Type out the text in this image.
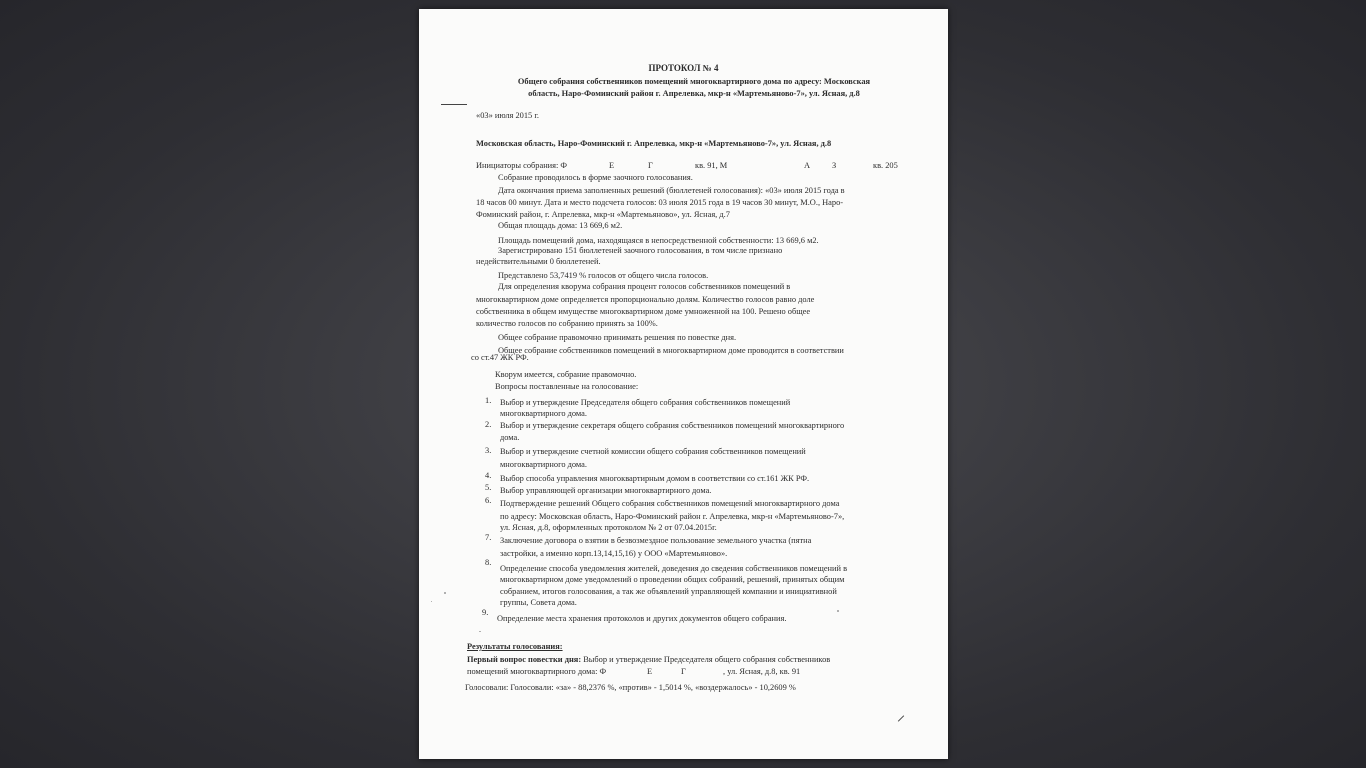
ПРОТОКОЛ № 4
Общего собрания собственников помещений многоквартирного дома по адресу: Московская
область, Наро-Фоминский район г. Апрелевка, мкр-н «Мартемьяново-7», ул. Ясная, д.8
«03» июля 2015 г.
Московская область, Наро-Фоминский г. Апрелевка, мкр-н «Мартемьяново-7», ул. Ясная, д.8
Инициаторы собрания: Ф	Е	Г	кв. 91, М	А	З	кв. 205
Собрание проводилось в форме заочного голосования.
Дата окончания приема заполненных решений (бюллетеней голосования): «03» июля 2015 года в
18 часов 00 минут. Дата и место подсчета голосов: 03 июля 2015 года в 19 часов 30 минут, М.О., Наро-
Фоминский район, г. Апрелевка, мкр-н «Мартемьяново», ул. Ясная, д.7
Общая площадь дома: 13 669,6 м2.
Площадь помещений дома, находящаяся в непосредственной собственности: 13 669,6 м2.
Зарегистрировано 151 бюллетеней заочного голосования, в том числе признано
недействительными 0 бюллетеней.
Представлено 53,7419 % голосов от общего числа голосов.
Для определения кворума собрания процент голосов собственников помещений в
многоквартирном доме определяется пропорционально долям. Количество голосов равно доле
собственника в общем имуществе многоквартирном доме умноженной на 100. Решено общее
количество голосов по собранию принять за 100%.
Общее собрание правомочно принимать решения по повестке дня.
Общее собрание собственников помещений в многоквартирном доме проводится в соответствии
со ст.47 ЖК РФ.
Кворум имеется, собрание правомочно.
Вопросы поставленные на голосование:
1. Выбор и утверждение Председателя общего собрания собственников помещений
многоквартирного дома.
2. Выбор и утверждение секретаря общего собрания собственников помещений многоквартирного
дома.
3. Выбор и утверждение счетной комиссии общего собрания собственников помещений
многоквартирного дома.
4. Выбор способа управления многоквартирным домом в соответствии со ст.161 ЖК РФ.
5. Выбор управляющей организации многоквартирного дома.
6. Подтверждение решений Общего собрания собственников помещений многоквартирного дома
по адресу: Московская область, Наро-Фоминский район г. Апрелевка, мкр-н «Мартемьяново-7»,
ул. Ясная, д.8, оформленных протоколом № 2 от 07.04.2015г.
7. Заключение договора о взятии в безвозмездное пользование земельного участка (пятна
застройки, а именно корп.13,14,15,16) у ООО «Мартемьяново».
8.
Определение способа уведомления жителей, доведения до сведения собственников помещений в
многоквартирном доме уведомлений о проведении общих собраний, решений, принятых общим
собранием, итогов голосования, а так же объявлений управляющей компании и инициативной
группы, Совета дома.
9.
Определение места хранения протоколов и других документов общего собрания.
Результаты голосования:
Первый вопрос повестки дня: Выбор и утверждение Председателя общего собрания собственников
помещений многоквартирного дома: Ф	Е	Г	, ул. Ясная, д.8, кв. 91
Голосовали: Голосовали: «за» - 88,2376 %, «против» - 1,5014 %, «воздержалось» - 10,2609 %
